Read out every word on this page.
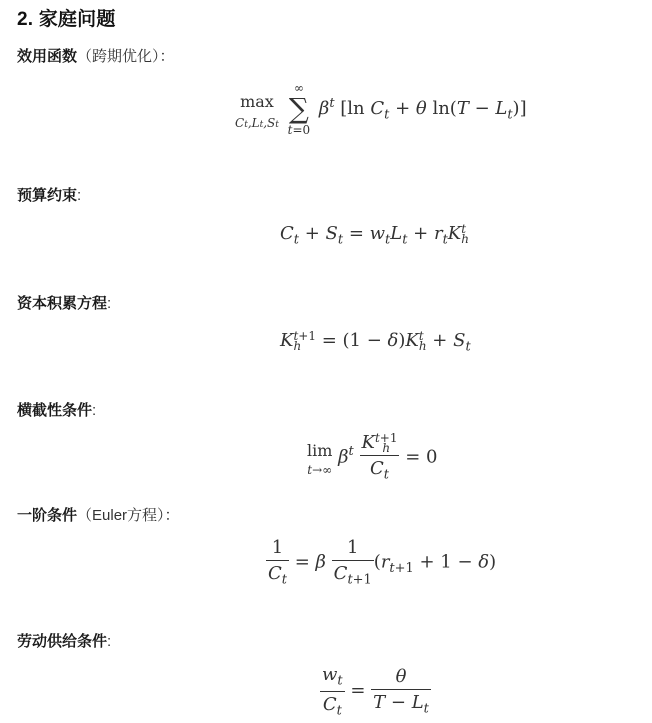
2. 家庭问题
效用函数（跨期优化）：
max
Ct,Lt,St

∞
∑
t=0
$\beta^t$ [ln $C_t + \theta$ $\ln(T - L_t)$]
预算约束:
$C_t + S_t = w_tL_t + r_tK$ t
h
资本积累方程:
K t+1
h = (1 − δ)K t
$h + S_t$
横截性条件:
lim
t→∞
$\beta^t$ K t+1
h
$C_t = 0$
一阶条件（Euler方程）：
$\frac{1}{C_t} = \beta \frac{1}{C_{t+1}} (r_{t+1} + 1 - \delta)$
劳动供给条件:
$\frac{w_t}{C_t} = \frac{\theta}{T - L_t}$
